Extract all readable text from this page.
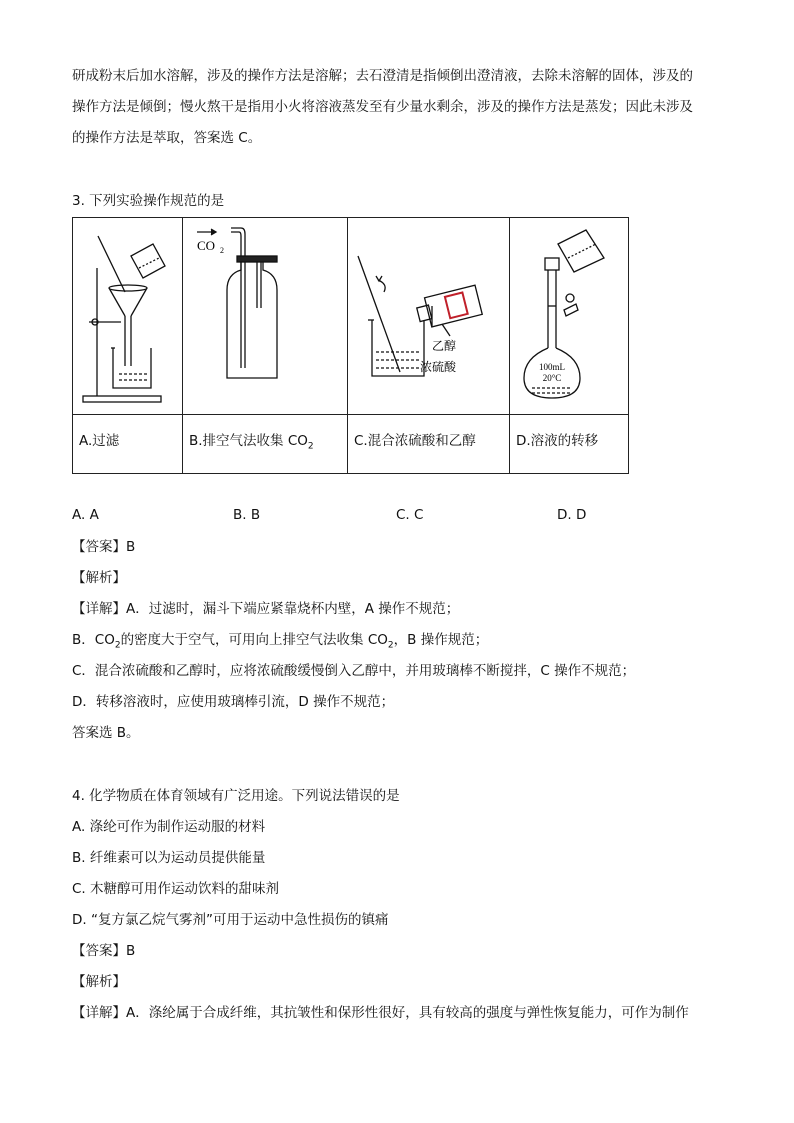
研成粉末后加水溶解，涉及的操作方法是溶解；去石澄清是指倾倒出澄清液，去除未溶解的固体，涉及的
操作方法是倾倒；慢火熬干是指用小火将溶液蒸发至有少量水剩余，涉及的操作方法是蒸发；因此未涉及
的操作方法是萃取，答案选 C。
3. 下列实验操作规范的是

CO 2	乙醇
浓硫酸	100mL
20°C

A.过滤	B.排空气法收集 $CO_2$	C.混合浓硫酸和乙醇	D.溶液的转移
A. A	B. B	C. C	D. D
【答案】B
【解析】
【详解】A．过滤时，漏斗下端应紧靠烧杯内壁，A 操作不规范；
B．$CO_2$的密度大于空气，可用向上排空气法收集 $CO_2$，B 操作规范；
C．混合浓硫酸和乙醇时，应将浓硫酸缓慢倒入乙醇中，并用玻璃棒不断搅拌，C 操作不规范；
D．转移溶液时，应使用玻璃棒引流，D 操作不规范；
答案选 B。
4. 化学物质在体育领域有广泛用途。下列说法错误的是
A. 涤纶可作为制作运动服的材料
B. 纤维素可以为运动员提供能量
C. 木糖醇可用作运动饮料的甜味剂
D. “复方氯乙烷气雾剂”可用于运动中急性损伤的镇痛
【答案】B
【解析】
【详解】A．涤纶属于合成纤维，其抗皱性和保形性很好，具有较高的强度与弹性恢复能力，可作为制作
